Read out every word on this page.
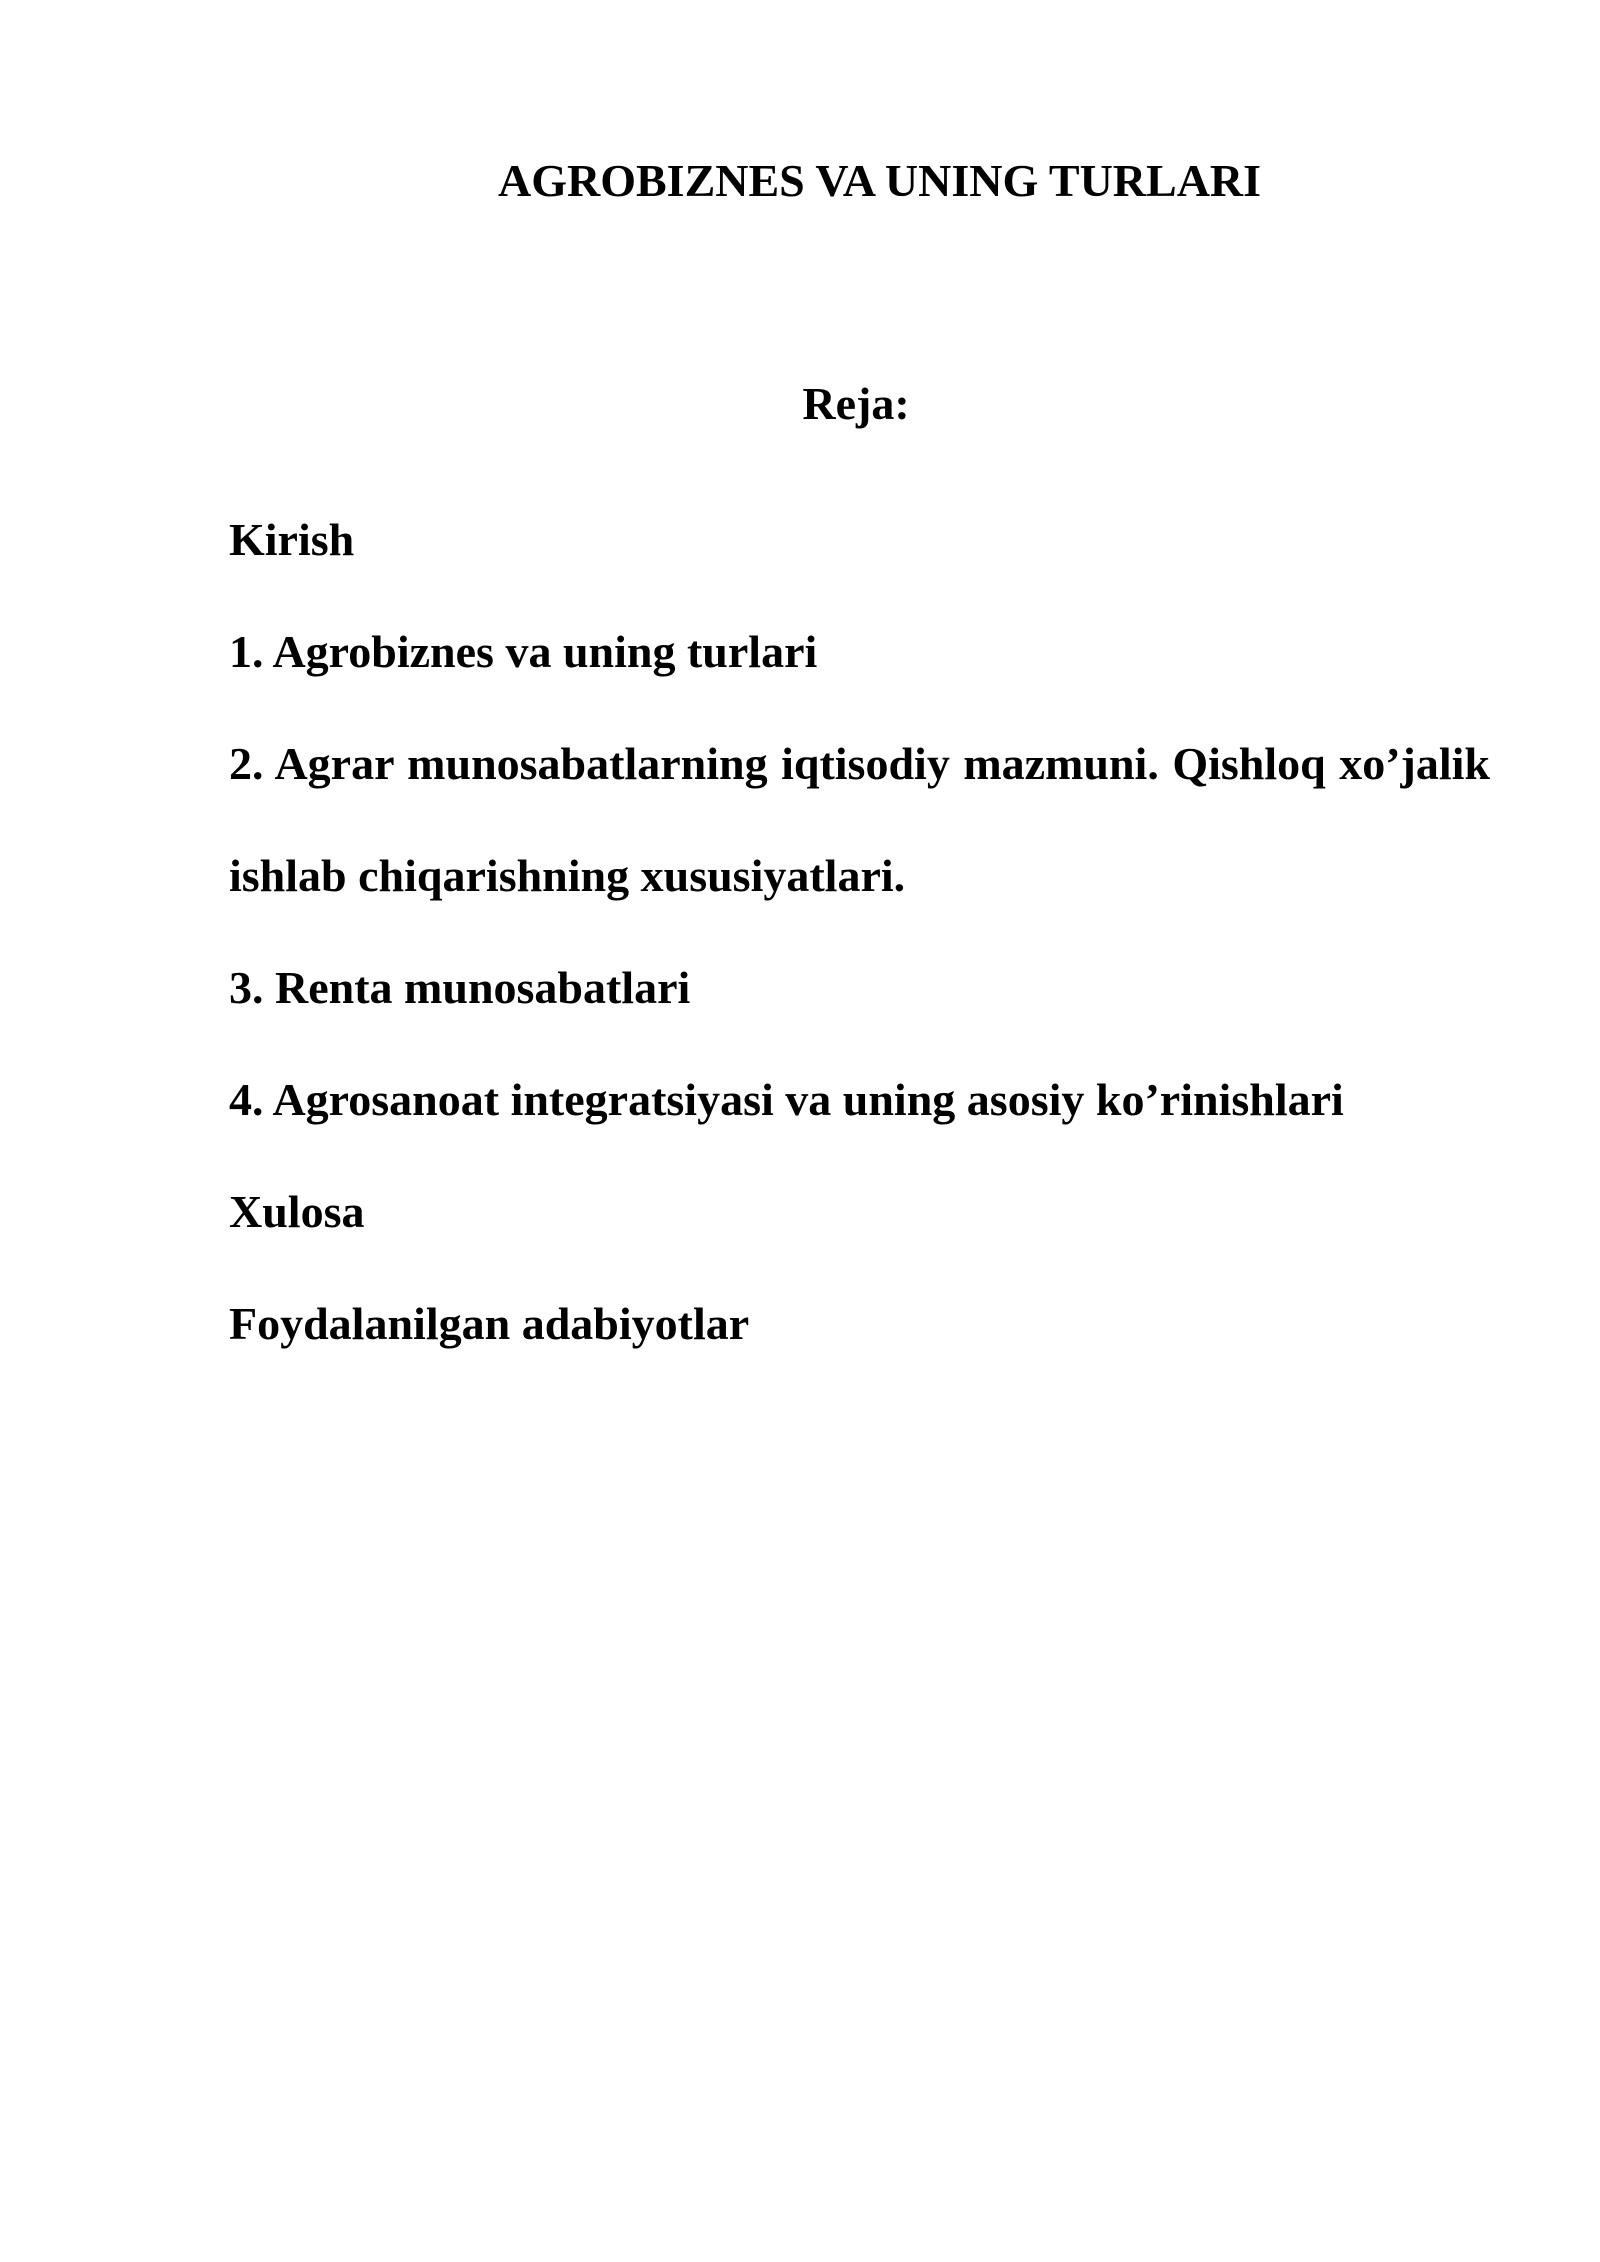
AGROBIZNES VA UNING TURLARI
Reja:
Kirish
1. Agrobiznes va uning turlari
2. Agrar munosabatlarning iqtisodiy mazmuni. Qishloq xo’jalik ishlab chiqarishning xususiyatlari.
3. Renta munosabatlari
4. Agrosanoat integratsiyasi va uning asosiy ko’rinishlari
Xulosa
Foydalanilgan adabiyotlar
